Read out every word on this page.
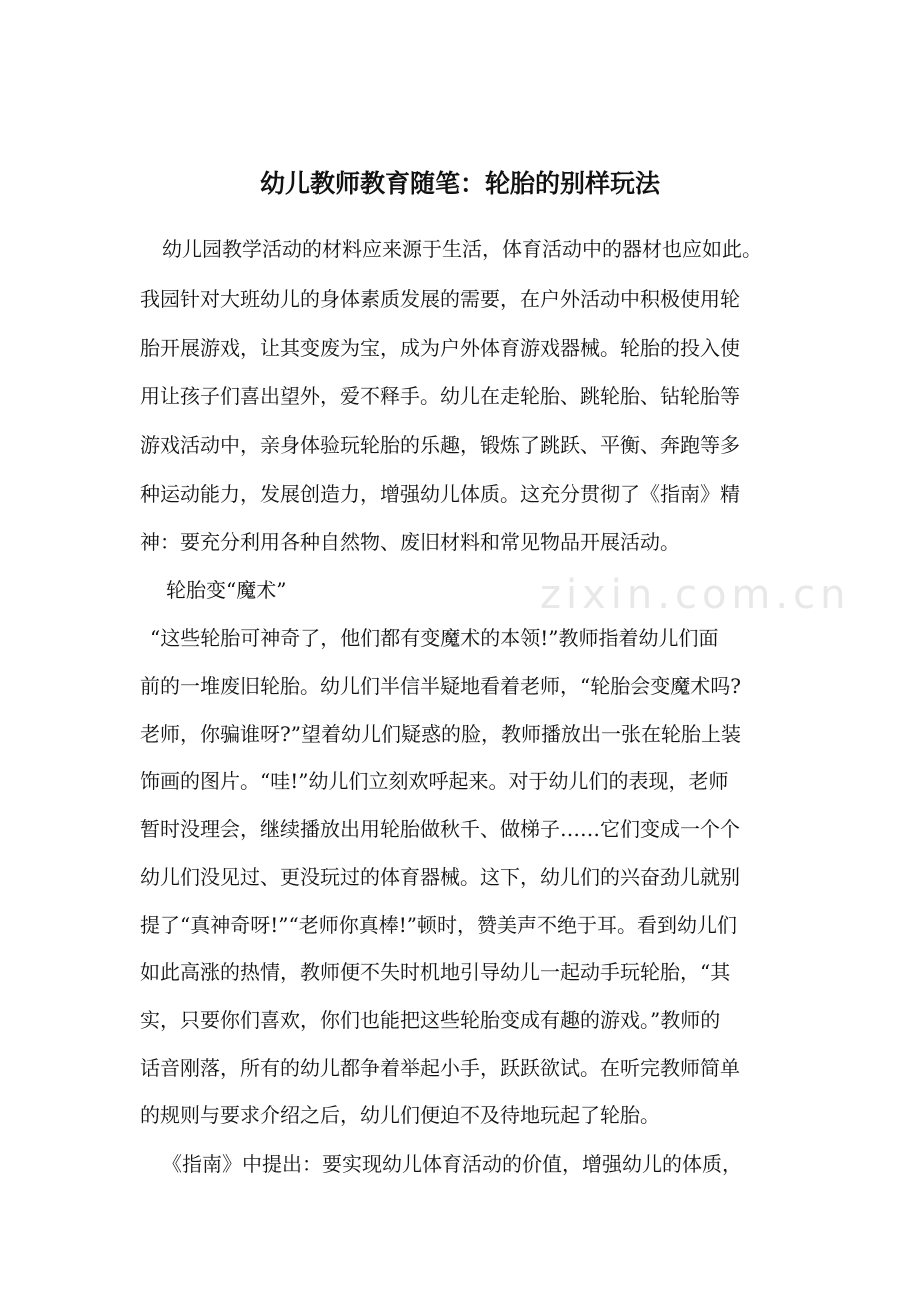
zixin.com.cn
幼儿教师教育随笔：轮胎的别样玩法
幼儿园教学活动的材料应来源于生活，体育活动中的器材也应如此。
我园针对大班幼儿的身体素质发展的需要，在户外活动中积极使用轮
胎开展游戏，让其变废为宝，成为户外体育游戏器械。轮胎的投入使
用让孩子们喜出望外，爱不释手。幼儿在走轮胎、跳轮胎、钻轮胎等
游戏活动中，亲身体验玩轮胎的乐趣，锻炼了跳跃、平衡、奔跑等多
种运动能力，发展创造力，增强幼儿体质。这充分贯彻了《指南》精
神：要充分利用各种自然物、废旧材料和常见物品开展活动。
轮胎变“魔术”
“这些轮胎可神奇了，他们都有变魔术的本领!”教师指着幼儿们面
前的一堆废旧轮胎。幼儿们半信半疑地看着老师，“轮胎会变魔术吗?
老师，你骗谁呀?”望着幼儿们疑惑的脸，教师播放出一张在轮胎上装
饰画的图片。“哇!”幼儿们立刻欢呼起来。对于幼儿们的表现，老师
暂时没理会，继续播放出用轮胎做秋千、做梯子……它们变成一个个
幼儿们没见过、更没玩过的体育器械。这下，幼儿们的兴奋劲儿就别
提了“真神奇呀!”“老师你真棒!”顿时，赞美声不绝于耳。看到幼儿们
如此高涨的热情，教师便不失时机地引导幼儿一起动手玩轮胎，“其
实，只要你们喜欢，你们也能把这些轮胎变成有趣的游戏。”教师的
话音刚落，所有的幼儿都争着举起小手，跃跃欲试。在听完教师简单
的规则与要求介绍之后，幼儿们便迫不及待地玩起了轮胎。
《指南》中提出：要实现幼儿体育活动的价值，增强幼儿的体质，
